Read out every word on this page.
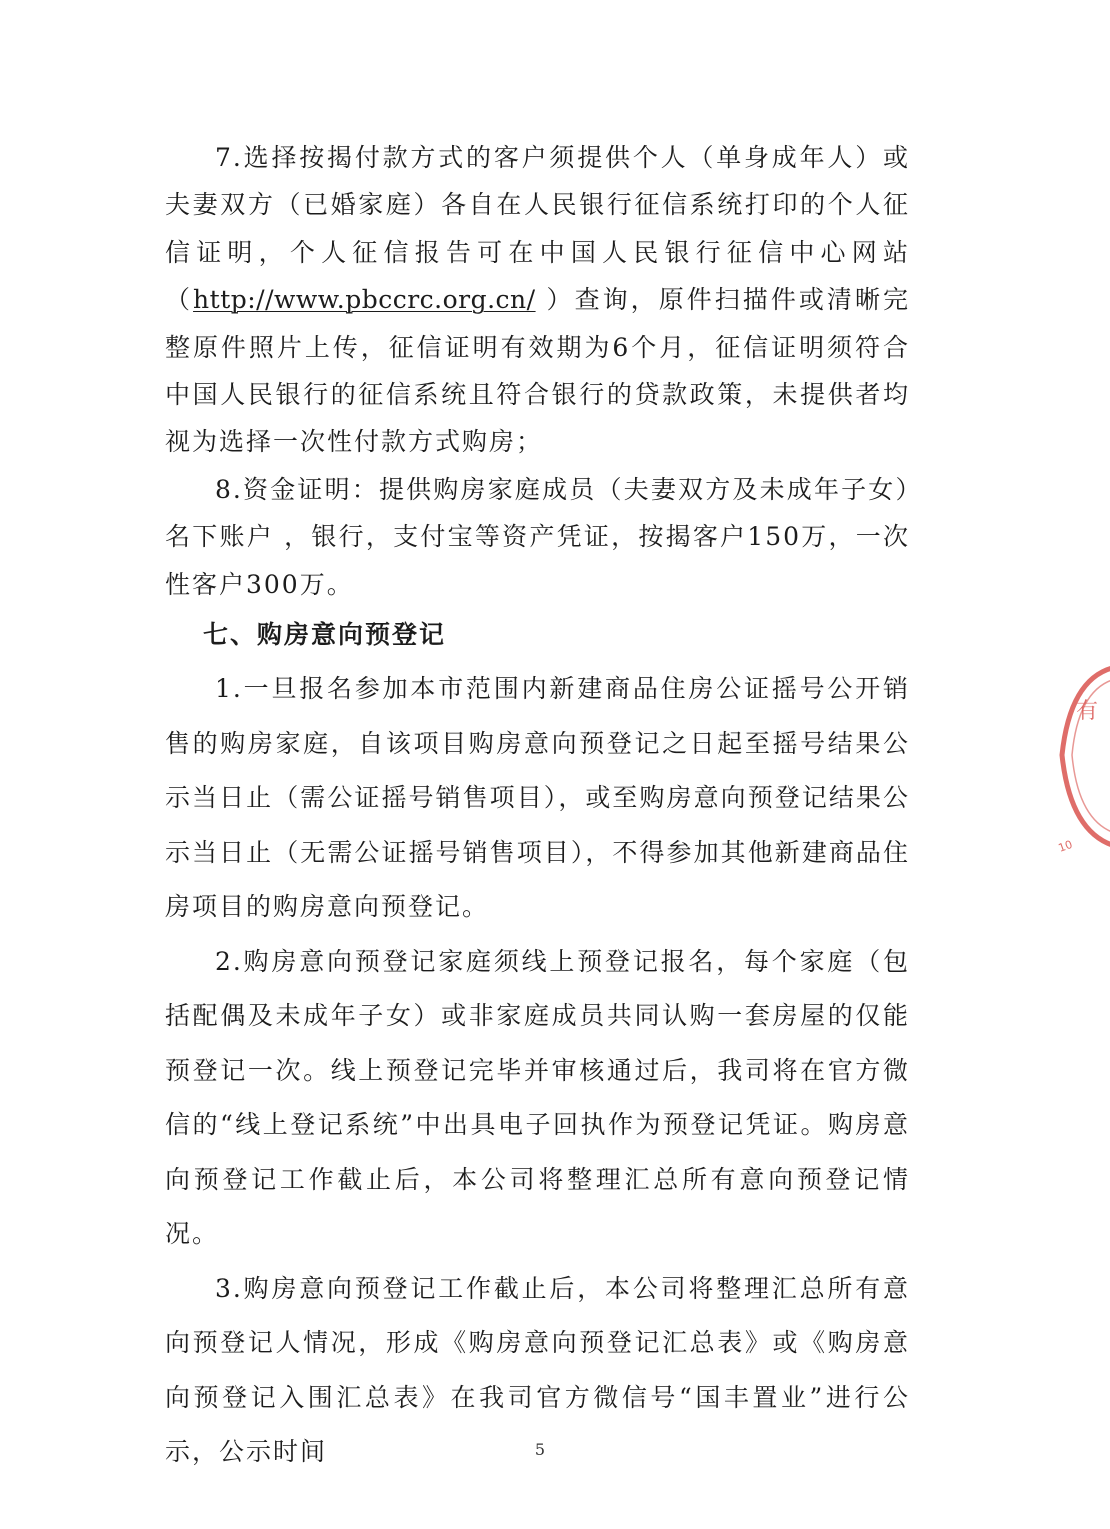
7.选择按揭付款方式的客户须提供个人（单身成年人）或夫妻双方（已婚家庭）各自在人民银行征信系统打印的个人征信证明，个人征信报告可在中国人民银行征信中心网站（http://www.pbccrc.org.cn/ ）查询，原件扫描件或清晰完整原件照片上传，征信证明有效期为6个月，征信证明须符合中国人民银行的征信系统且符合银行的贷款政策，未提供者均视为选择一次性付款方式购房；

8.资金证明：提供购房家庭成员（夫妻双方及未成年子女）名下账户 ，银行，支付宝等资产凭证，按揭客户150万，一次性客户300万。

七、购房意向预登记

1.一旦报名参加本市范围内新建商品住房公证摇号公开销售的购房家庭，自该项目购房意向预登记之日起至摇号结果公示当日止（需公证摇号销售项目），或至购房意向预登记结果公示当日止（无需公证摇号销售项目），不得参加其他新建商品住房项目的购房意向预登记。

2.购房意向预登记家庭须线上预登记报名，每个家庭（包括配偶及未成年子女）或非家庭成员共同认购一套房屋的仅能预登记一次。线上预登记完毕并审核通过后，我司将在官方微信的“线上登记系统”中出具电子回执作为预登记凭证。购房意向预登记工作截止后，本公司将整理汇总所有意向预登记情况。

3.购房意向预登记工作截止后，本公司将整理汇总所有意向预登记人情况，形成《购房意向预登记汇总表》或《购房意向预登记入围汇总表》在我司官方微信号“国丰置业”进行公示，公示时间	5
有
10
